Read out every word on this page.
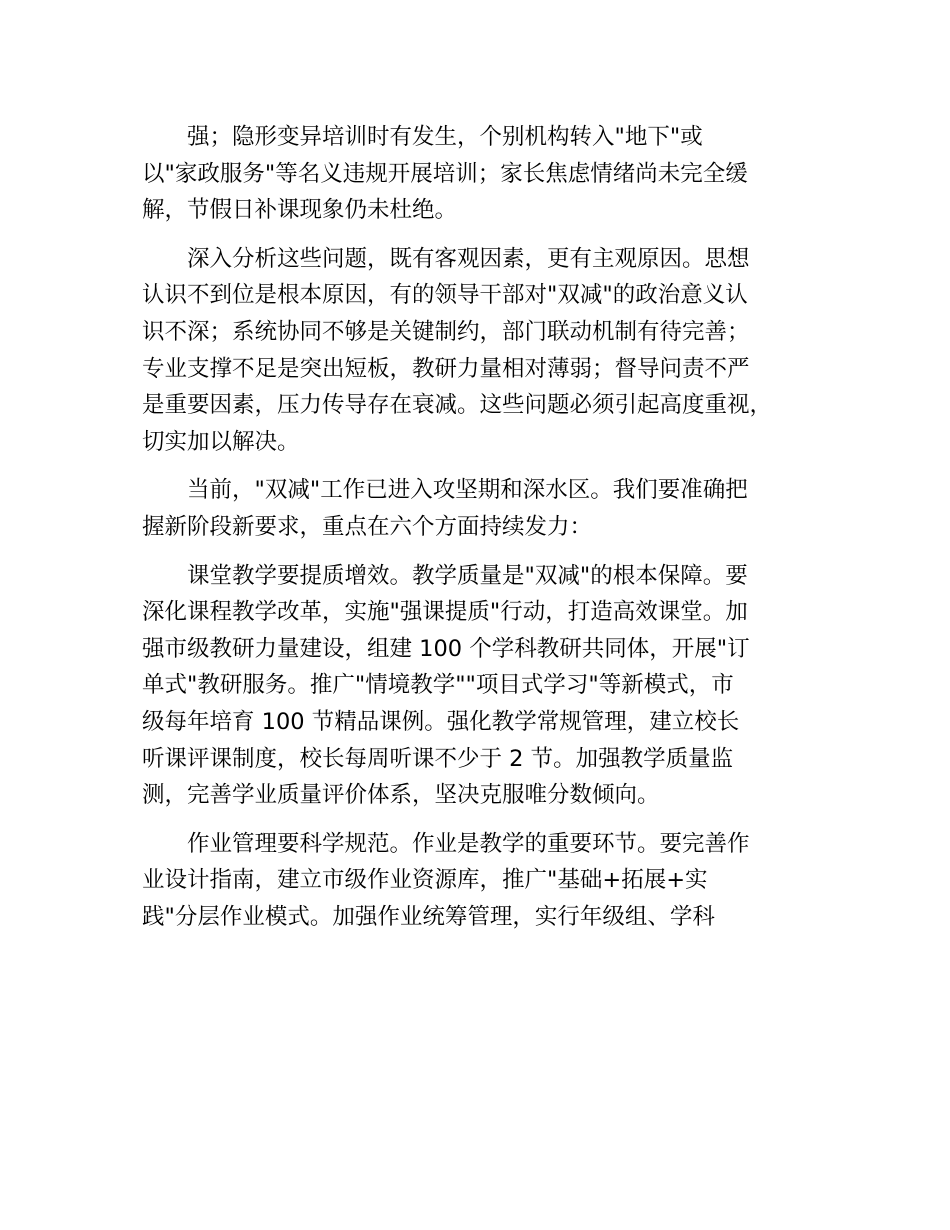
强；隐形变异培训时有发生，个别机构转入"地下"或
以"家政服务"等名义违规开展培训；家长焦虑情绪尚未完全缓
解，节假日补课现象仍未杜绝。

深入分析这些问题，既有客观因素，更有主观原因。思想
认识不到位是根本原因，有的领导干部对"双减"的政治意义认
识不深；系统协同不够是关键制约，部门联动机制有待完善；
专业支撑不足是突出短板，教研力量相对薄弱；督导问责不严
是重要因素，压力传导存在衰减。这些问题必须引起高度重视，
切实加以解决。

当前，"双减"工作已进入攻坚期和深水区。我们要准确把
握新阶段新要求，重点在六个方面持续发力：

课堂教学要提质增效。教学质量是"双减"的根本保障。要
深化课程教学改革，实施"强课提质"行动，打造高效课堂。加
强市级教研力量建设，组建 100 个学科教研共同体，开展"订
单式"教研服务。推广"情境教学""项目式学习"等新模式，市
级每年培育 100 节精品课例。强化教学常规管理，建立校长
听课评课制度，校长每周听课不少于 2 节。加强教学质量监
测，完善学业质量评价体系，坚决克服唯分数倾向。

作业管理要科学规范。作业是教学的重要环节。要完善作
业设计指南，建立市级作业资源库，推广"基础+拓展+实
践"分层作业模式。加强作业统筹管理，实行年级组、学科
